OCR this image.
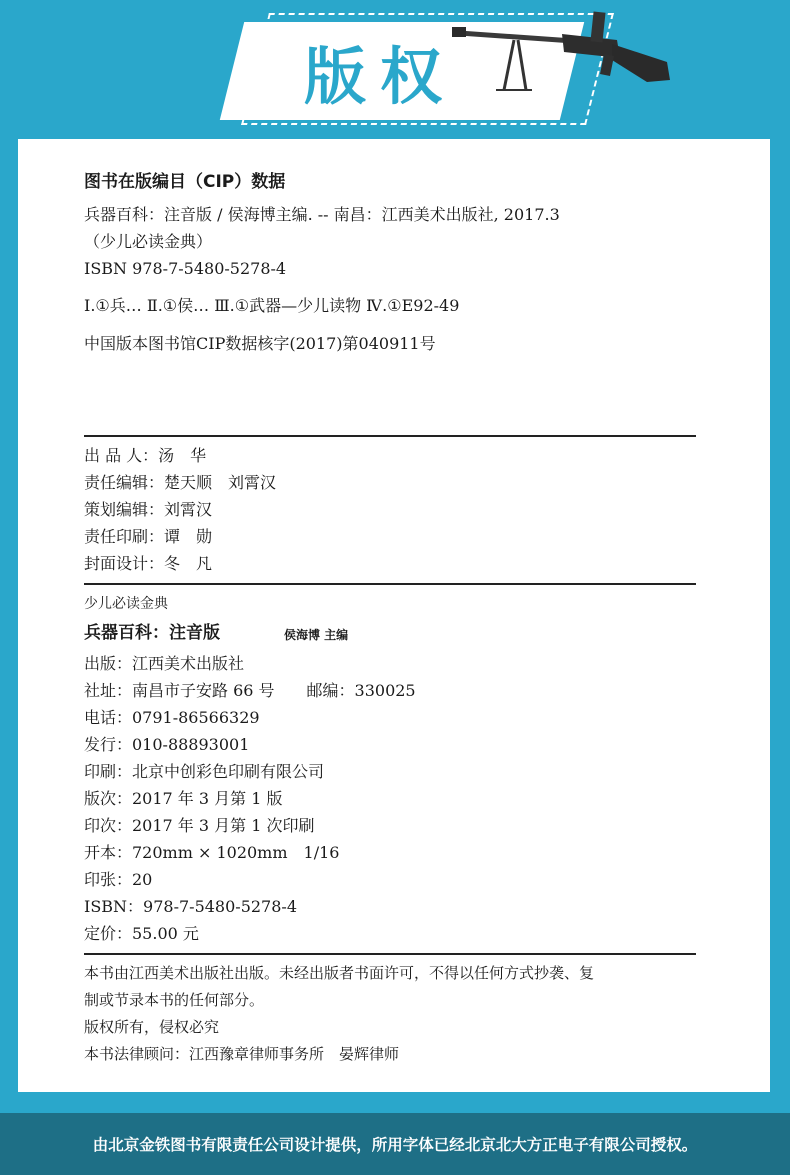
版权
图书在版编目（CIP）数据
兵器百科：注音版 / 侯海博主编. -- 南昌：江西美术出版社, 2017.3
（少儿必读金典）
ISBN 978-7-5480-5278-4
Ⅰ.①兵… Ⅱ.①侯… Ⅲ.①武器—少儿读物 Ⅳ.①E92-49
中国版本图书馆CIP数据核字(2017)第040911号
出 品 人：汤　华
责任编辑：楚天顺　刘霄汉
策划编辑：刘霄汉
责任印刷：谭　勋
封面设计：冬　凡
少儿必读金典
兵器百科：注音版	侯海博 主编
出版：江西美术出版社
社址：南昌市子安路 66 号　　邮编：330025
电话：0791-86566329
发行：010-88893001
印刷：北京中创彩色印刷有限公司
版次：2017 年 3 月第 1 版
印次：2017 年 3 月第 1 次印刷
开本：720mm × 1020mm　1/16
印张：20
ISBN：978-7-5480-5278-4
定价：55.00 元
本书由江西美术出版社出版。未经出版者书面许可，不得以任何方式抄袭、复
制或节录本书的任何部分。
版权所有，侵权必究
本书法律顾问：江西豫章律师事务所　晏辉律师
由北京金铁图书有限责任公司设计提供，所用字体已经北京北大方正电子有限公司授权。
